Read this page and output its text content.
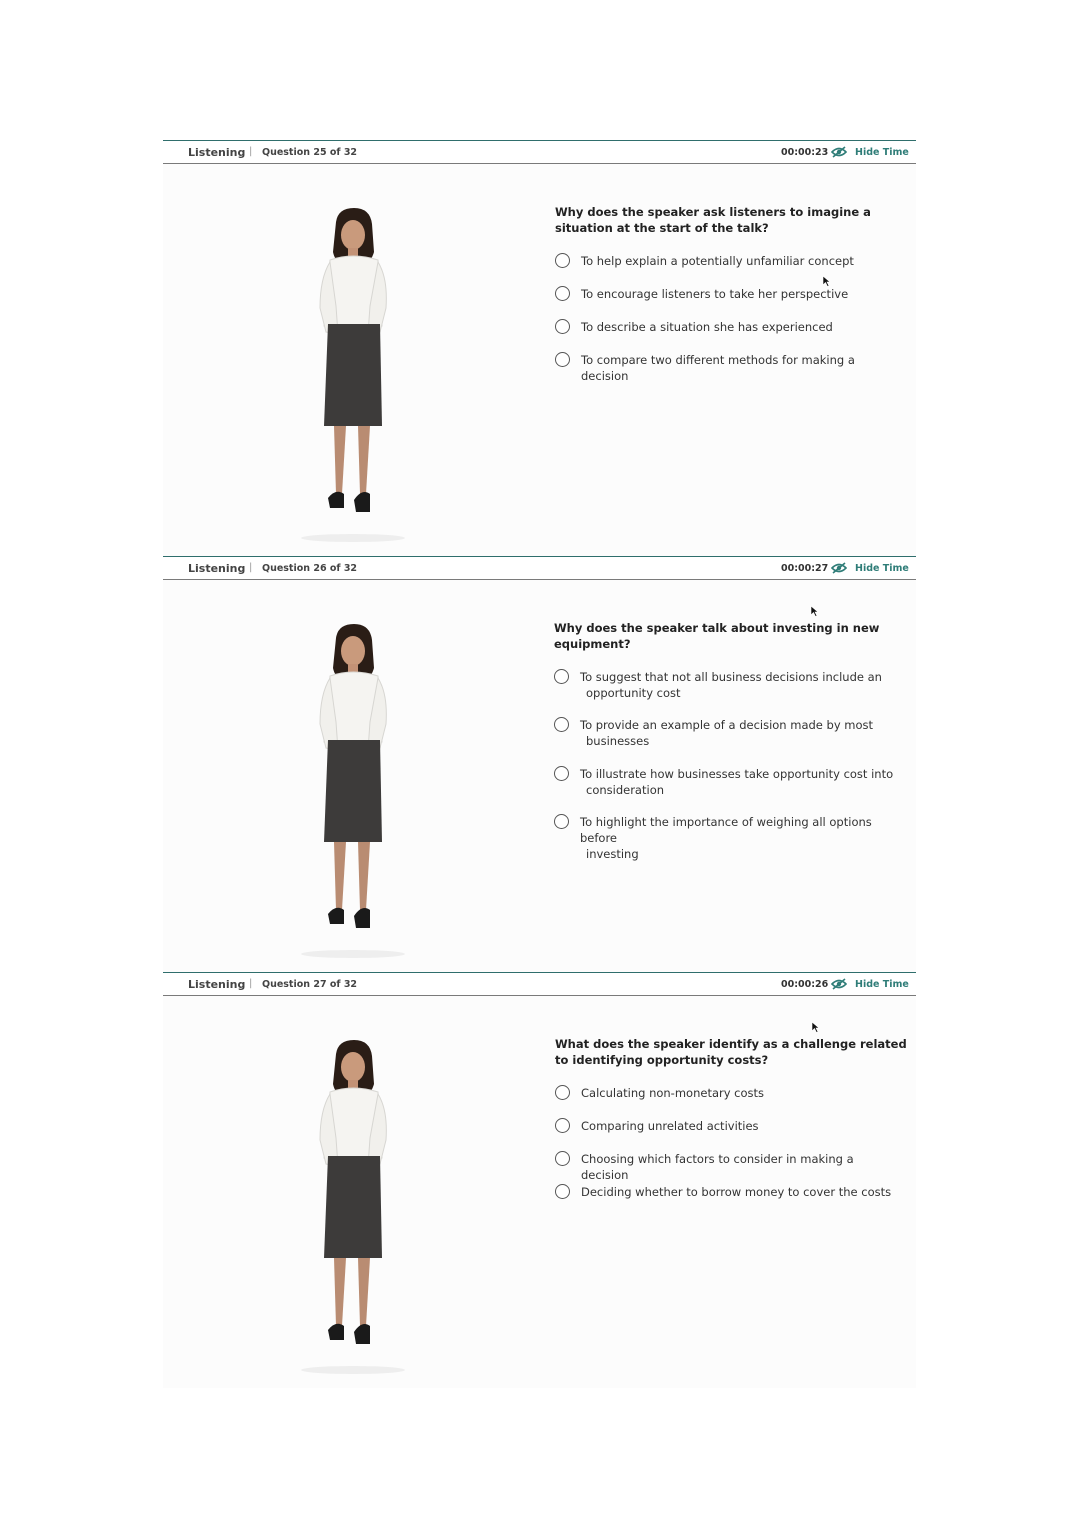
Listening | Question 25 of 32	00:00:23	Hide Time
Why does the speaker ask listeners to imagine a situation at the start of the talk?
To help explain a potentially unfamiliar concept
To encourage listeners to take her perspective
To describe a situation she has experienced
To compare two different methods for making a decision
Listening | Question 26 of 32	00:00:27	Hide Time
Why does the speaker talk about investing in new equipment?
To suggest that not all business decisions include an
opportunity cost
To provide an example of a decision made by most
businesses
To illustrate how businesses take opportunity cost into
consideration
To highlight the importance of weighing all options before
investing
Listening | Question 27 of 32	00:00:26	Hide Time
What does the speaker identify as a challenge related to identifying opportunity costs?
Calculating non-monetary costs
Comparing unrelated activities
Choosing which factors to consider in making a decision
Deciding whether to borrow money to cover the costs
